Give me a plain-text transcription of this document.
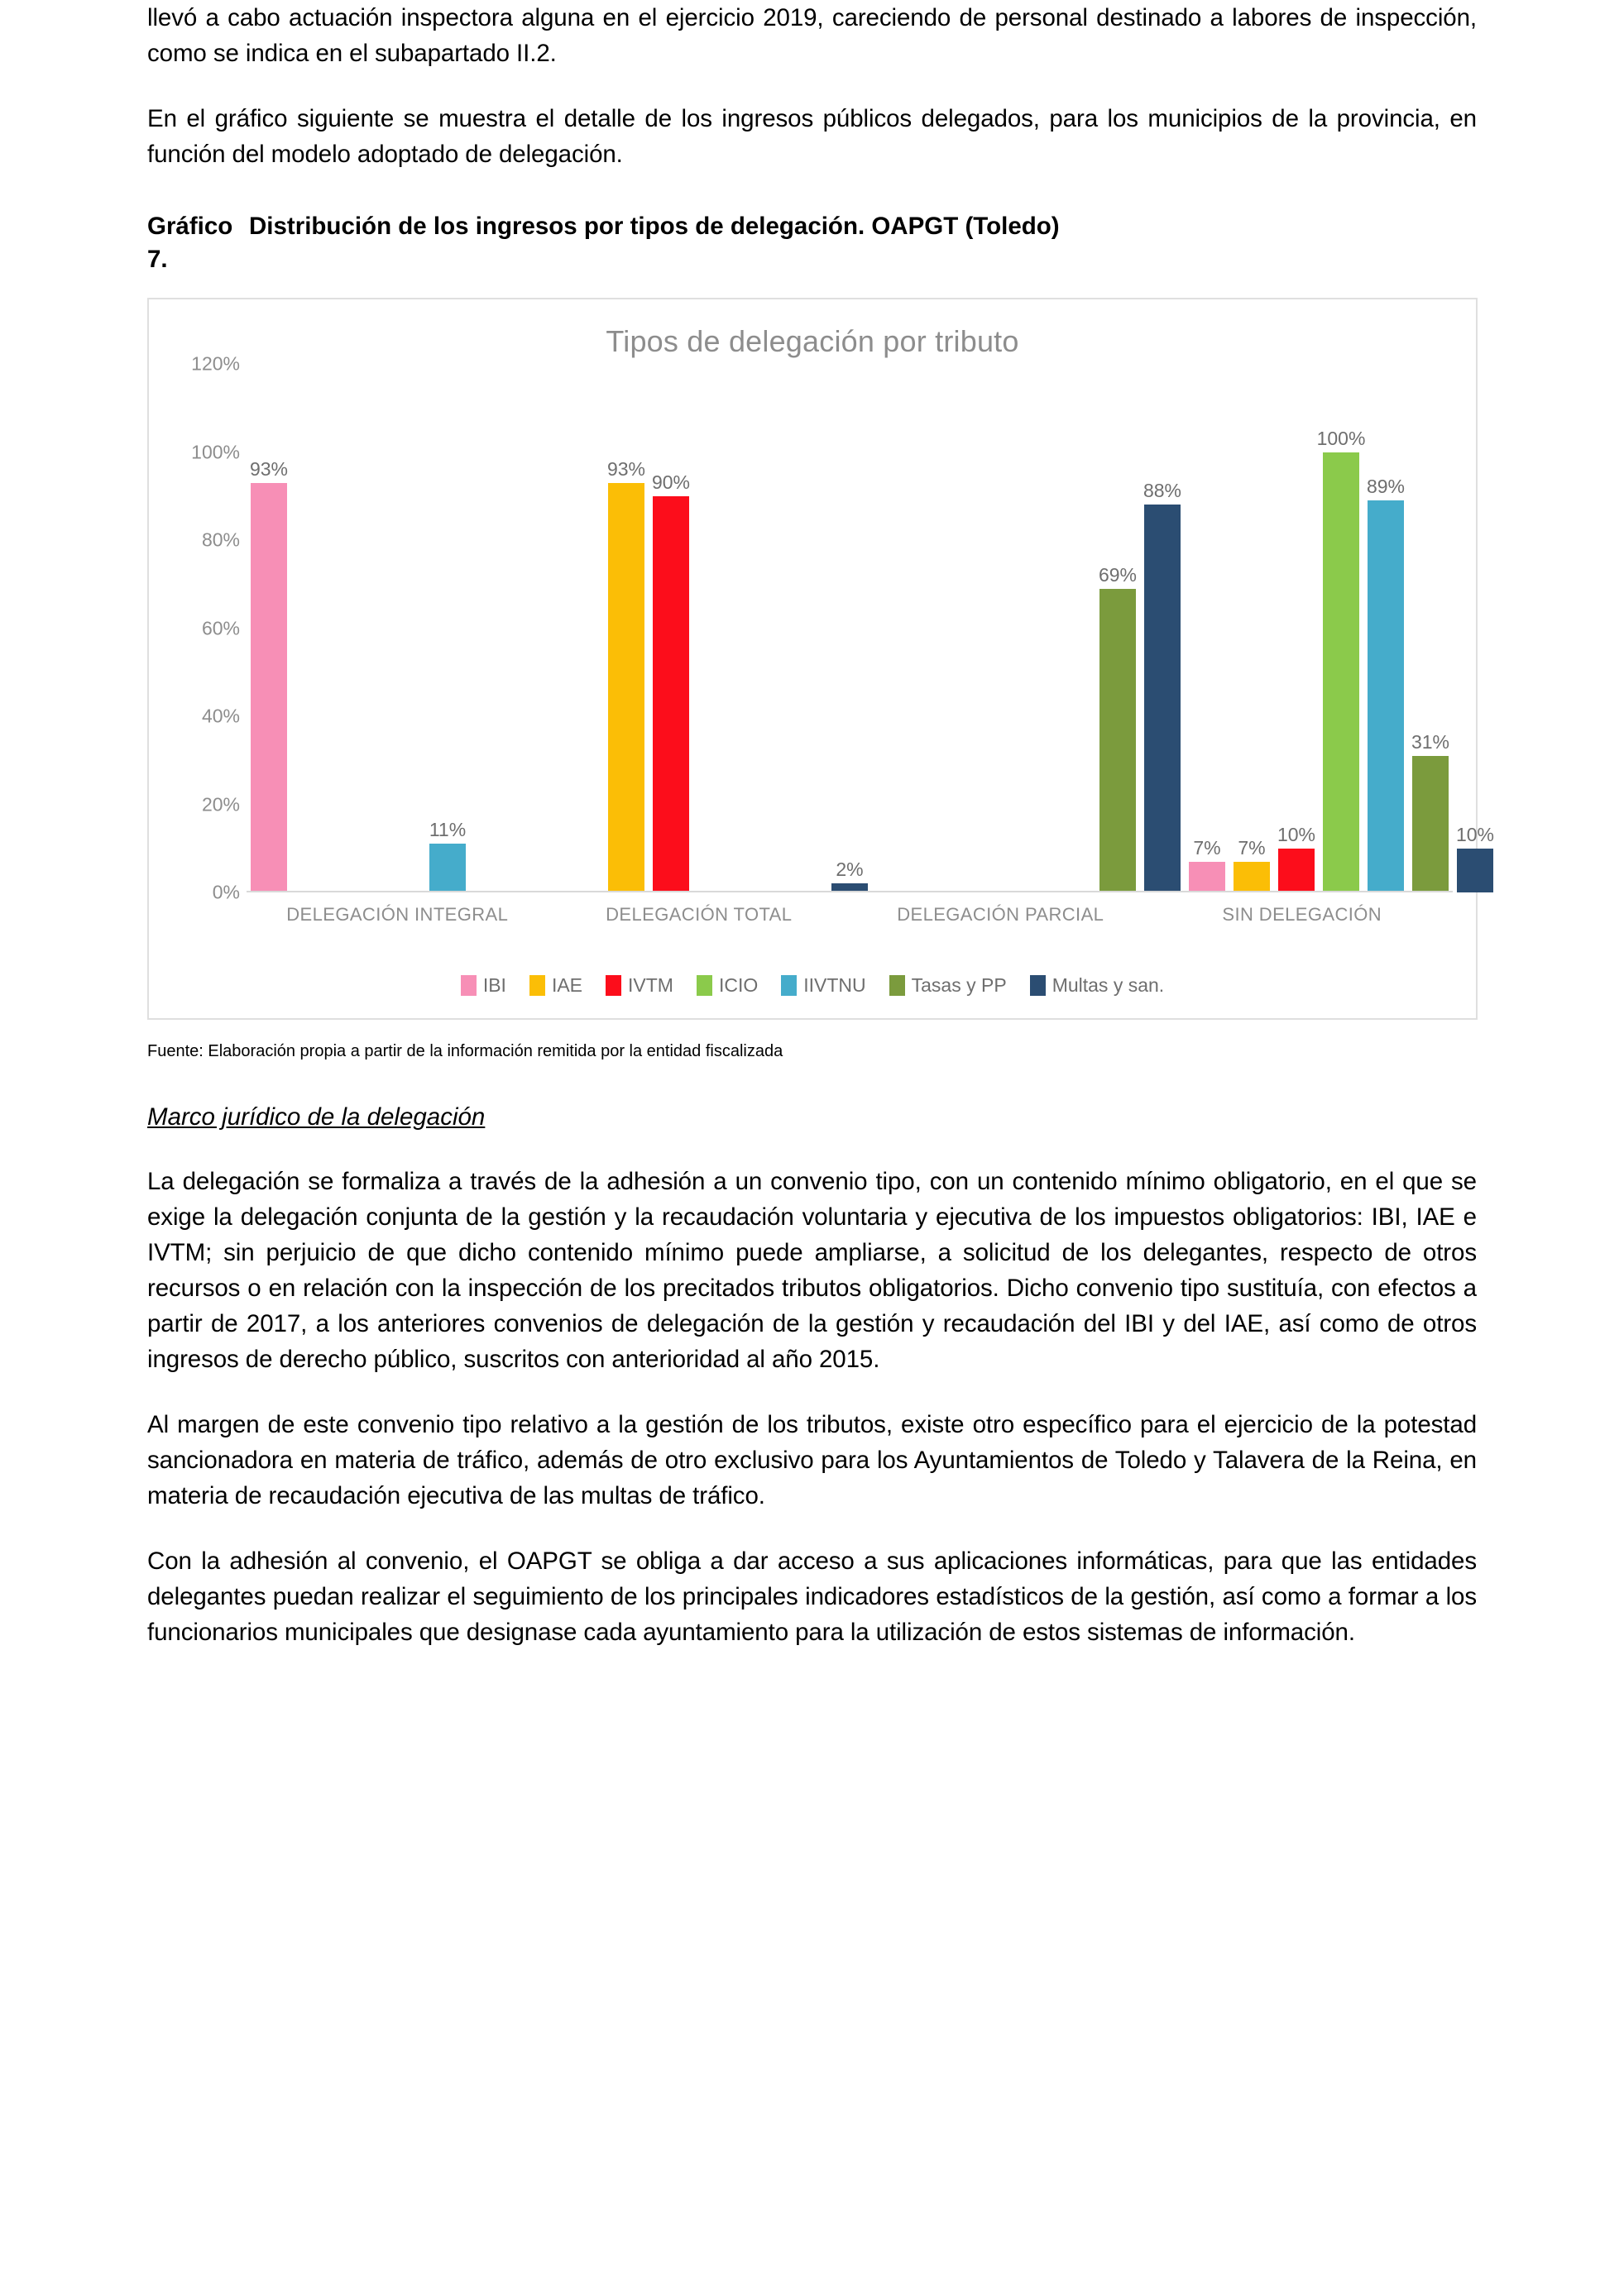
llevó a cabo actuación inspectora alguna en el ejercicio 2019, careciendo de personal destinado a labores de inspección, como se indica en el subapartado II.2.

En el gráfico siguiente se muestra el detalle de los ingresos públicos delegados, para los municipios de la provincia, en función del modelo adoptado de delegación.

Gráfico 7.
Distribución de los ingresos por tipos de delegación. OAPGT (Toledo)
Tipos de delegación por tributo
0%
20%
40%
60%
80%
100%
120%
93%
11%
93%
90%
2%
69%
88%
7% 7%
10%
100%
89%
31%
10%
DELEGACIÓN INTEGRAL	DELEGACIÓN TOTAL	DELEGACIÓN PARCIAL	SIN DELEGACIÓN
IBI IAE IVTM ICIO IIVTNU Tasas y PP Multas y san.

Fuente: Elaboración propia a partir de la información remitida por la entidad fiscalizada

Marco jurídico de la delegación

La delegación se formaliza a través de la adhesión a un convenio tipo, con un contenido mínimo obligatorio, en el que se exige la delegación conjunta de la gestión y la recaudación voluntaria y ejecutiva de los impuestos obligatorios: IBI, IAE e IVTM; sin perjuicio de que dicho contenido mínimo puede ampliarse, a solicitud de los delegantes, respecto de otros recursos o en relación con la inspección de los precitados tributos obligatorios. Dicho convenio tipo sustituía, con efectos a partir de 2017, a los anteriores convenios de delegación de la gestión y recaudación del IBI y del IAE, así como de otros ingresos de derecho público, suscritos con anterioridad al año 2015.

Al margen de este convenio tipo relativo a la gestión de los tributos, existe otro específico para el ejercicio de la potestad sancionadora en materia de tráfico, además de otro exclusivo para los Ayuntamientos de Toledo y Talavera de la Reina, en materia de recaudación ejecutiva de las multas de tráfico.

Con la adhesión al convenio, el OAPGT se obliga a dar acceso a sus aplicaciones informáticas, para que las entidades delegantes puedan realizar el seguimiento de los principales indicadores estadísticos de la gestión, así como a formar a los funcionarios municipales que designase cada ayuntamiento para la utilización de estos sistemas de información.
